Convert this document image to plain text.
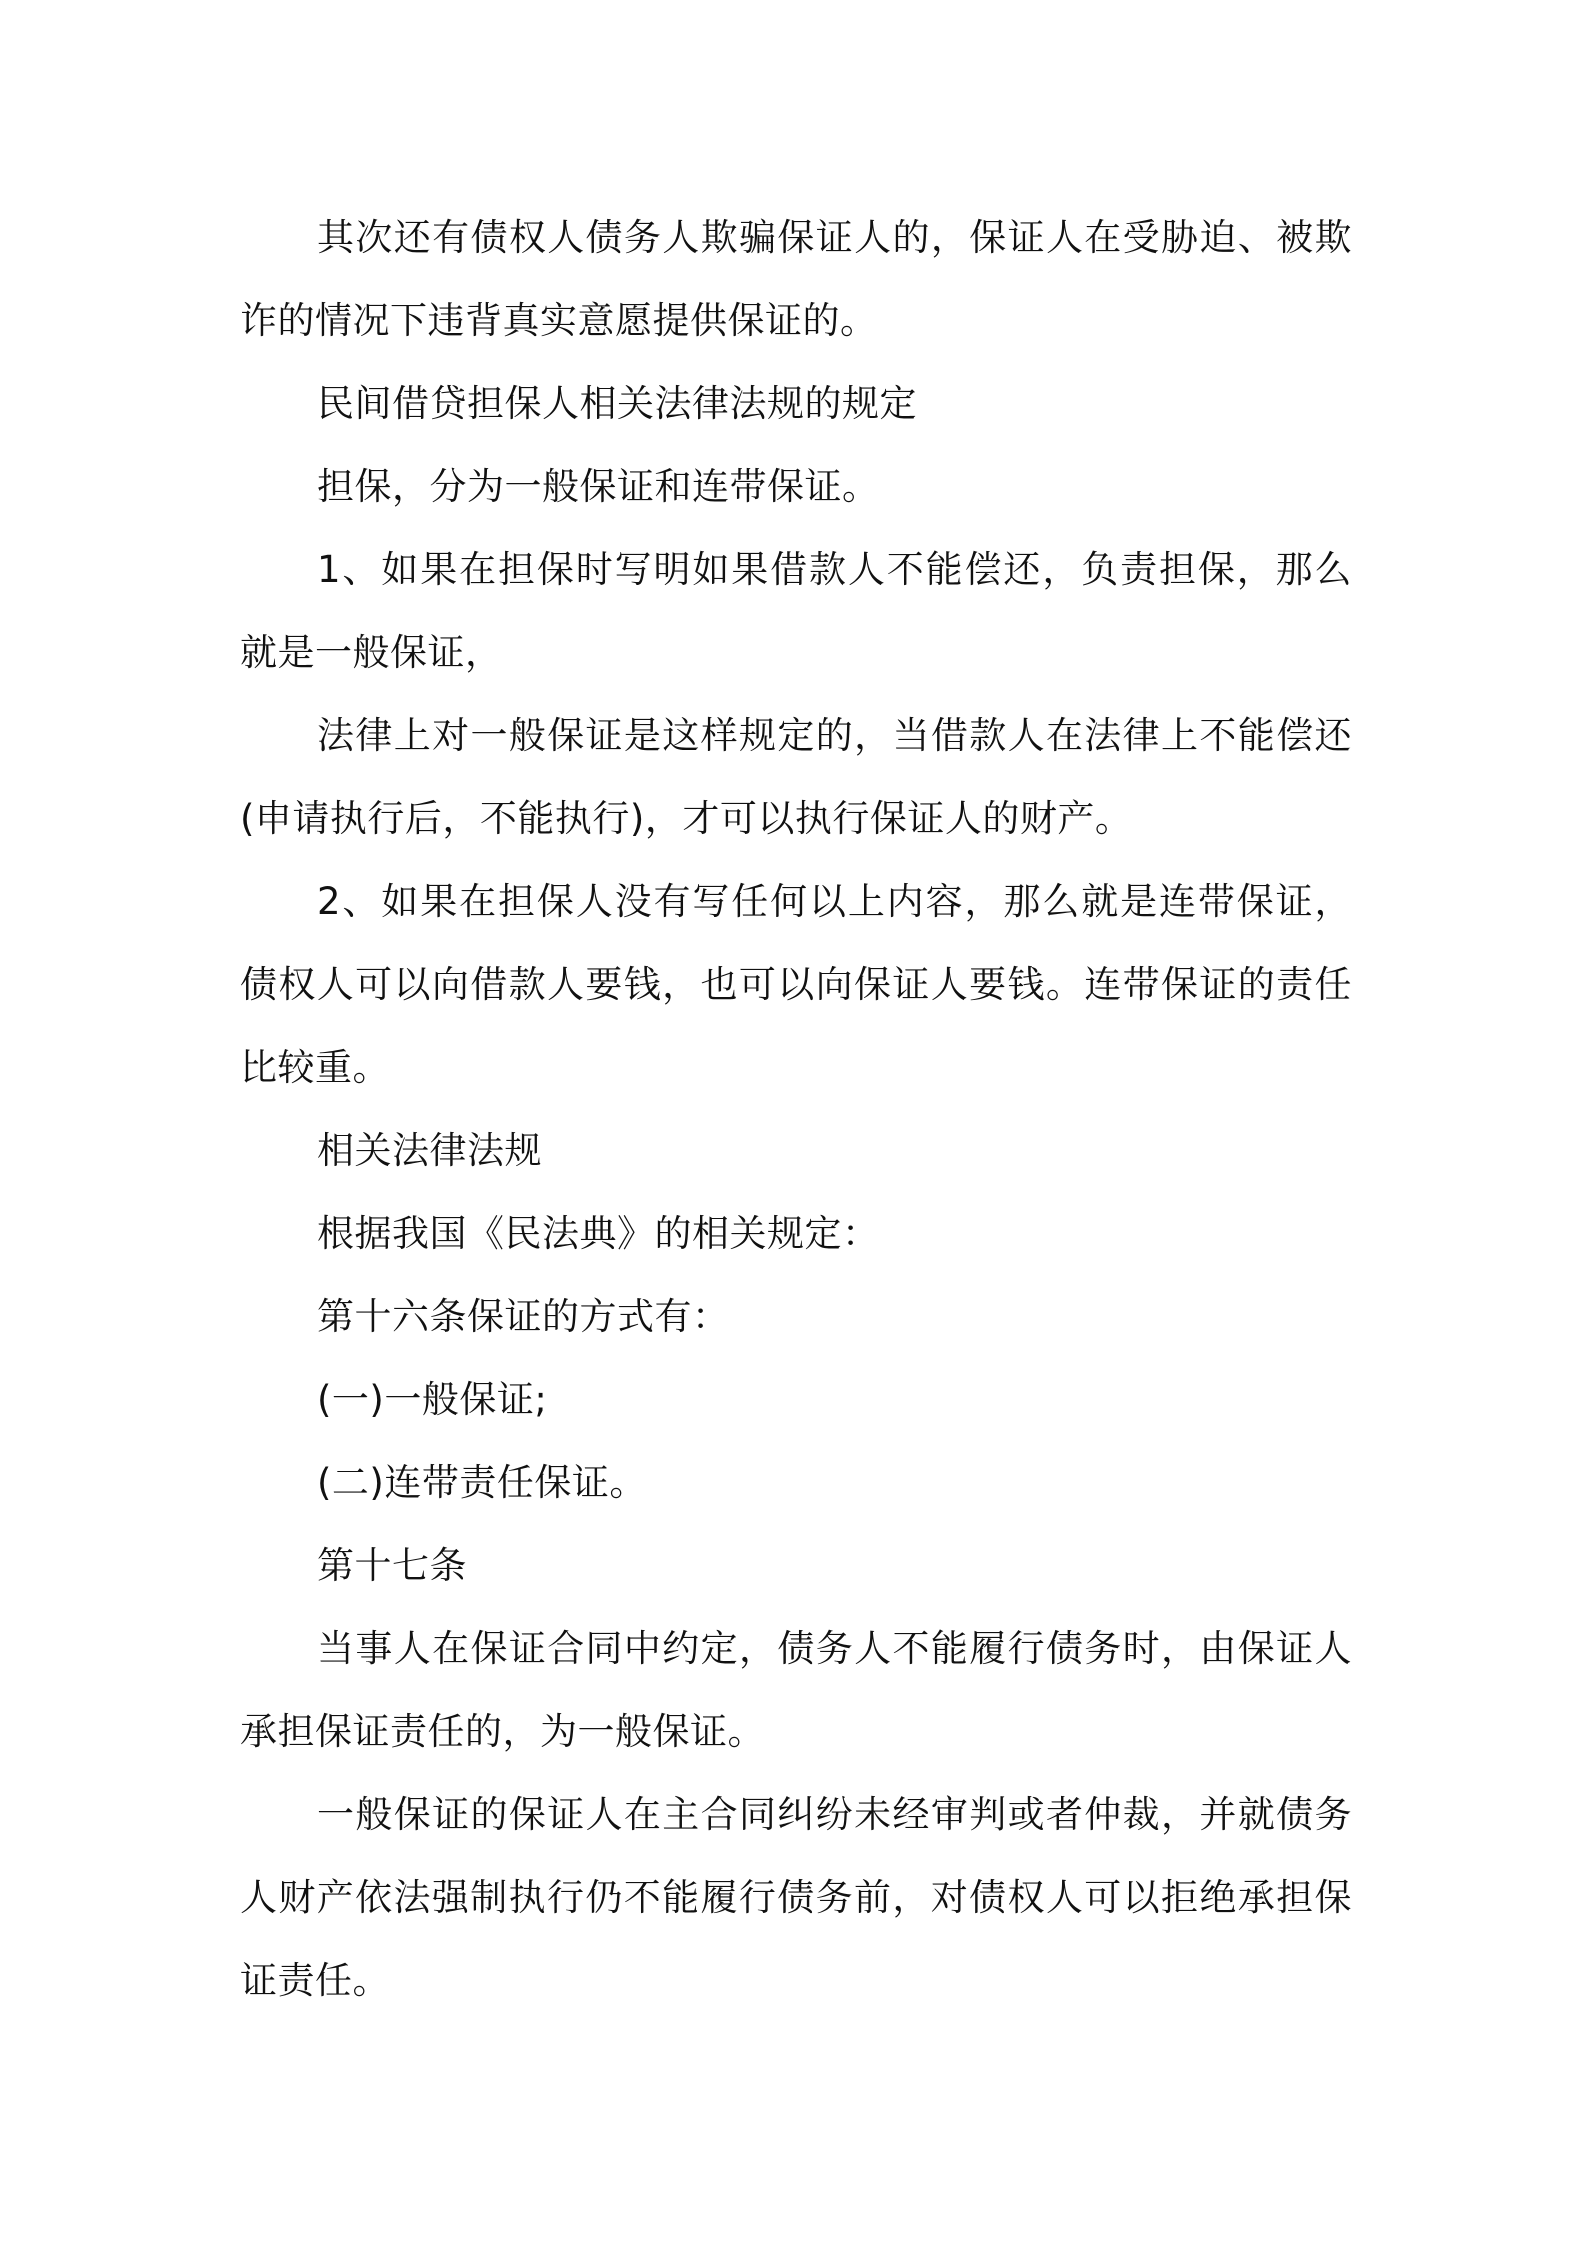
其次还有债权人债务人欺骗保证人的，保证人在受胁迫、被欺诈的情况下违背真实意愿提供保证的。

民间借贷担保人相关法律法规的规定

担保，分为一般保证和连带保证。

1、如果在担保时写明如果借款人不能偿还，负责担保，那么就是一般保证，

法律上对一般保证是这样规定的，当借款人在法律上不能偿还(申请执行后，不能执行)，才可以执行保证人的财产。

2、如果在担保人没有写任何以上内容，那么就是连带保证，债权人可以向借款人要钱，也可以向保证人要钱。连带保证的责任比较重。

相关法律法规

根据我国《民法典》的相关规定：

第十六条保证的方式有：

(一)一般保证;

(二)连带责任保证。

第十七条

当事人在保证合同中约定，债务人不能履行债务时，由保证人承担保证责任的，为一般保证。

一般保证的保证人在主合同纠纷未经审判或者仲裁，并就债务人财产依法强制执行仍不能履行债务前，对债权人可以拒绝承担保证责任。
